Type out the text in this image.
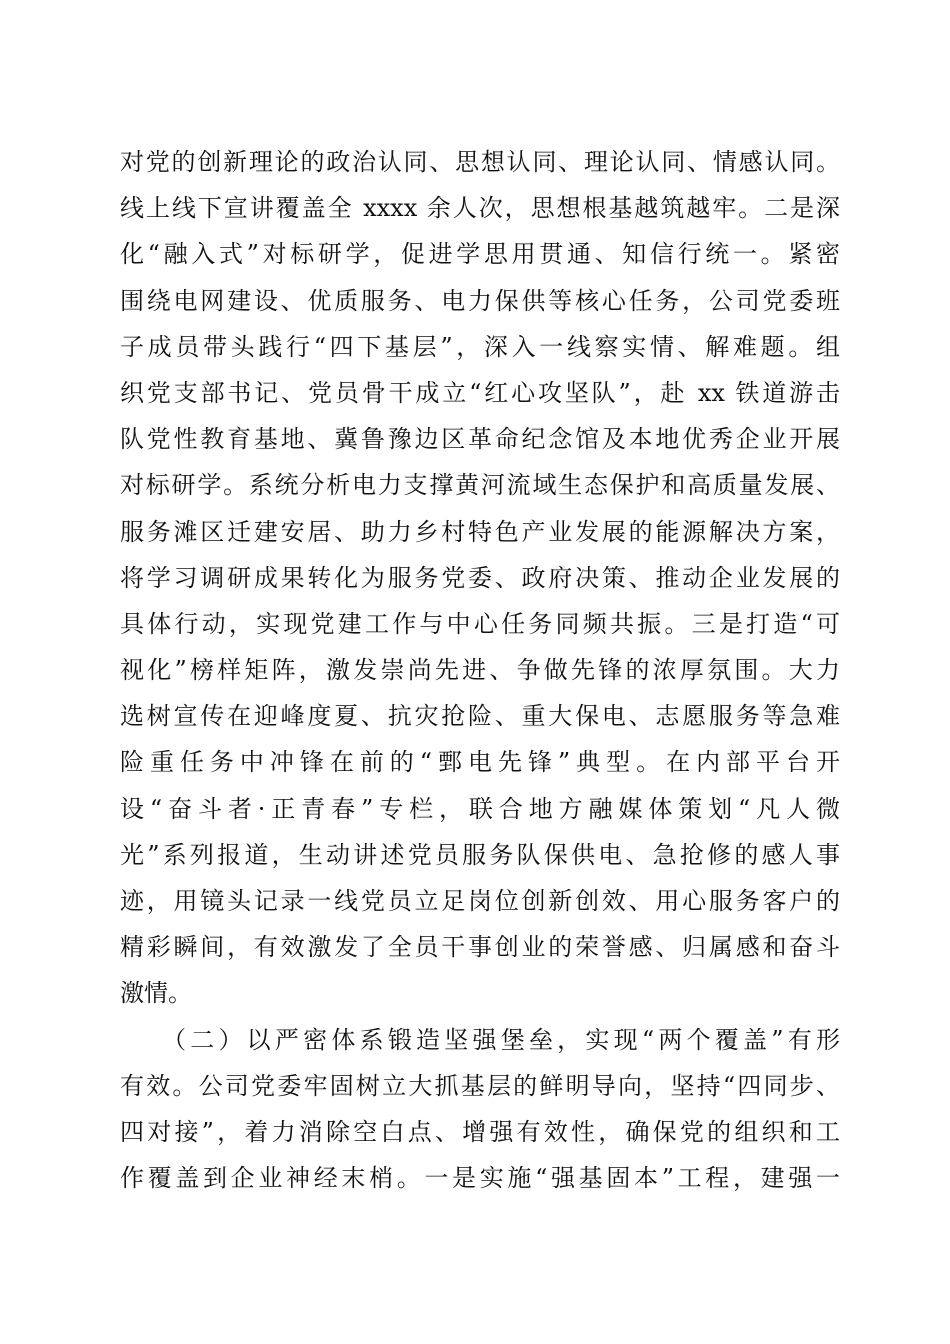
对党的创新理论的政治认同、思想认同、理论认同、情感认同。
线上线下宣讲覆盖全 xxxx 余人次，思想根基越筑越牢。二是深
化“融入式”对标研学，促进学思用贯通、知信行统一。紧密
围绕电网建设、优质服务、电力保供等核心任务，公司党委班
子成员带头践行“四下基层”，深入一线察实情、解难题。组
织党支部书记、党员骨干成立“红心攻坚队”，赴 xx 铁道游击
队党性教育基地、冀鲁豫边区革命纪念馆及本地优秀企业开展
对标研学。系统分析电力支撑黄河流域生态保护和高质量发展、
服务滩区迁建安居、助力乡村特色产业发展的能源解决方案，
将学习调研成果转化为服务党委、政府决策、推动企业发展的
具体行动，实现党建工作与中心任务同频共振。三是打造“可
视化”榜样矩阵，激发崇尚先进、争做先锋的浓厚氛围。大力
选树宣传在迎峰度夏、抗灾抢险、重大保电、志愿服务等急难
险重任务中冲锋在前的“鄄电先锋”典型。在内部平台开
设“奋斗者·正青春”专栏，联合地方融媒体策划“凡人微
光”系列报道，生动讲述党员服务队保供电、急抢修的感人事
迹，用镜头记录一线党员立足岗位创新创效、用心服务客户的
精彩瞬间，有效激发了全员干事创业的荣誉感、归属感和奋斗
激情。
（二）以严密体系锻造坚强堡垒，实现“两个覆盖”有形
有效。公司党委牢固树立大抓基层的鲜明导向，坚持“四同步、
四对接”，着力消除空白点、增强有效性，确保党的组织和工
作覆盖到企业神经末梢。一是实施“强基固本”工程，建强一
